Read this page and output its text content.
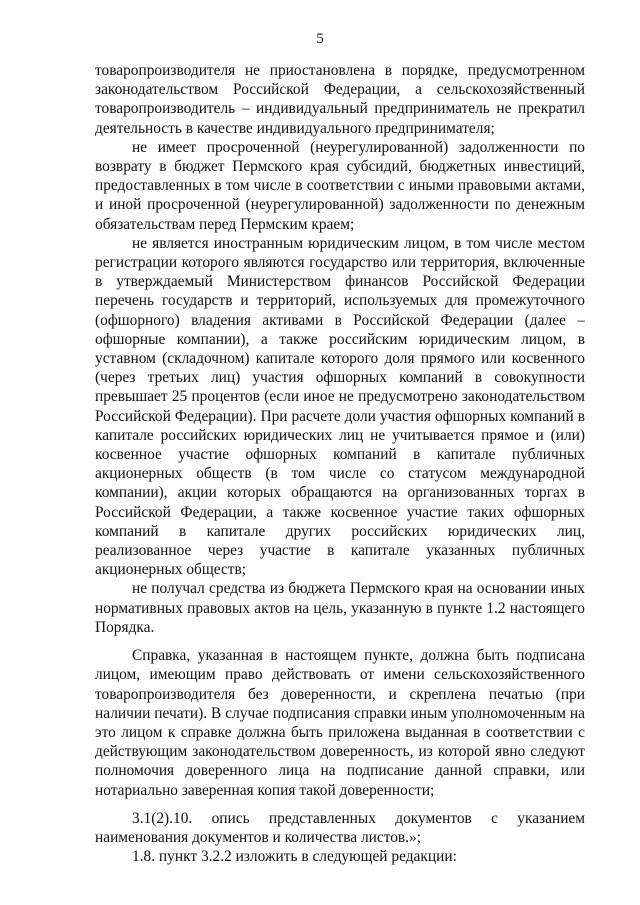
5

товаропроизводителя не приостановлена в порядке, предусмотренном законодательством Российской Федерации, а сельскохозяйственный товаропроизводитель – индивидуальный предприниматель не прекратил деятельность в качестве индивидуального предпринимателя;

не имеет просроченной (неурегулированной) задолженности по возврату в бюджет Пермского края субсидий, бюджетных инвестиций, предоставленных в том числе в соответствии с иными правовыми актами, и иной просроченной (неурегулированной) задолженности по денежным обязательствам перед Пермским краем;

не является иностранным юридическим лицом, в том числе местом регистрации которого являются государство или территория, включенные в утверждаемый Министерством финансов Российской Федерации перечень государств и территорий, используемых для промежуточного (офшорного) владения активами в Российской Федерации (далее – офшорные компании), а также российским юридическим лицом, в уставном (складочном) капитале которого доля прямого или косвенного (через третьих лиц) участия офшорных компаний в совокупности превышает 25 процентов (если иное не предусмотрено законодательством Российской Федерации). При расчете доли участия офшорных компаний в капитале российских юридических лиц не учитывается прямое и (или) косвенное участие офшорных компаний в капитале публичных акционерных обществ (в том числе со статусом международной компании), акции которых обращаются на организованных торгах в Российской Федерации, а также косвенное участие таких офшорных компаний в капитале других российских юридических лиц, реализованное через участие в капитале указанных публичных акционерных обществ;

не получал средства из бюджета Пермского края на основании иных нормативных правовых актов на цель, указанную в пункте 1.2 настоящего Порядка.

Справка, указанная в настоящем пункте, должна быть подписана лицом, имеющим право действовать от имени сельскохозяйственного товаропроизводителя без доверенности, и скреплена печатью (при наличии печати). В случае подписания справки иным уполномоченным на это лицом к справке должна быть приложена выданная в соответствии с действующим законодательством доверенность, из которой явно следуют полномочия доверенного лица на подписание данной справки, или нотариально заверенная копия такой доверенности;

3.1(2).10. опись представленных документов с указанием наименования документов и количества листов.»;

1.8. пункт 3.2.2 изложить в следующей редакции:
